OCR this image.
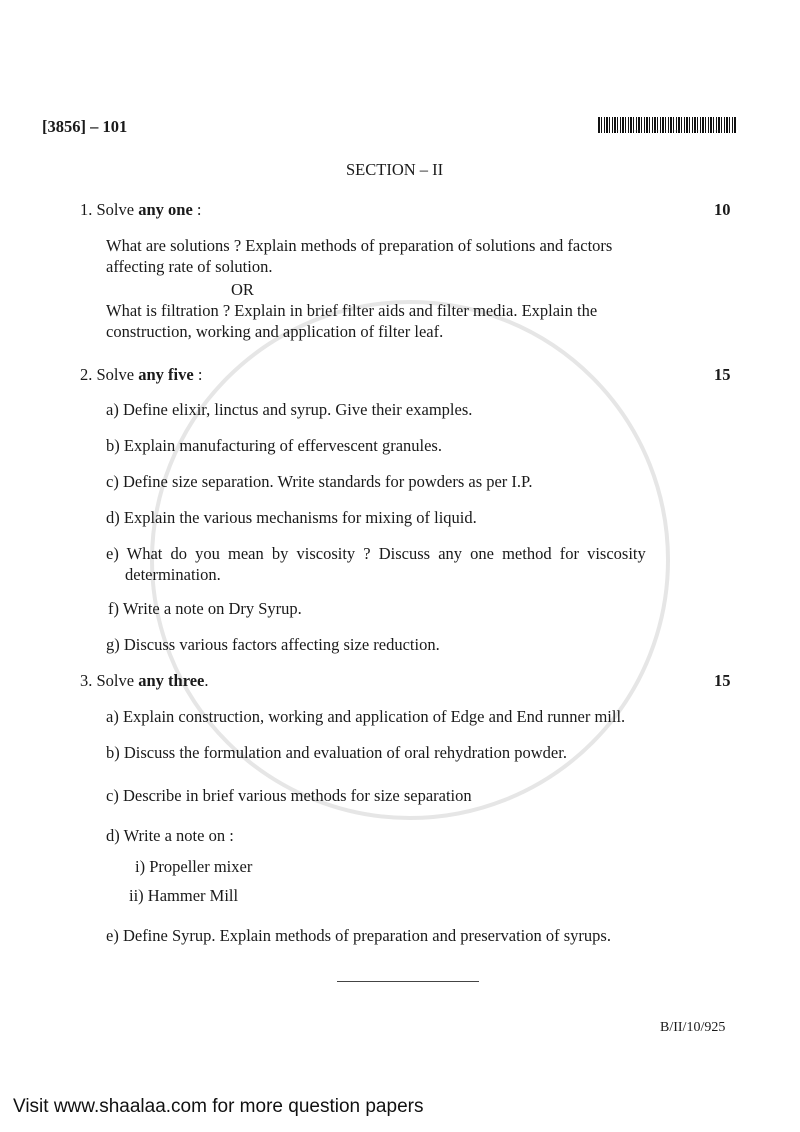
[3856] – 101
SECTION – II
1. Solve any one :	10
What are solutions ? Explain methods of preparation of solutions and factors
affecting rate of solution.
OR
What is filtration ? Explain in brief filter aids and filter media. Explain the
construction, working and application of filter leaf.
2. Solve any five :	15
a) Define elixir, linctus and syrup. Give their examples.
b) Explain manufacturing of effervescent granules.
c) Define size separation. Write standards for powders as per I.P.
d) Explain the various mechanisms for mixing of liquid.
e) What do you mean by viscosity ? Discuss any one method for viscosity
determination.
f) Write a note on Dry Syrup.
g) Discuss various factors affecting size reduction.
3. Solve any three.	15
a) Explain construction, working and application of Edge and End runner mill.
b) Discuss the formulation and evaluation of oral rehydration powder.
c) Describe in brief various methods for size separation
d) Write a note on :
i) Propeller mixer
ii) Hammer Mill
e) Define Syrup. Explain methods of preparation and preservation of syrups.
B/II/10/925
Visit www.shaalaa.com for more question papers
